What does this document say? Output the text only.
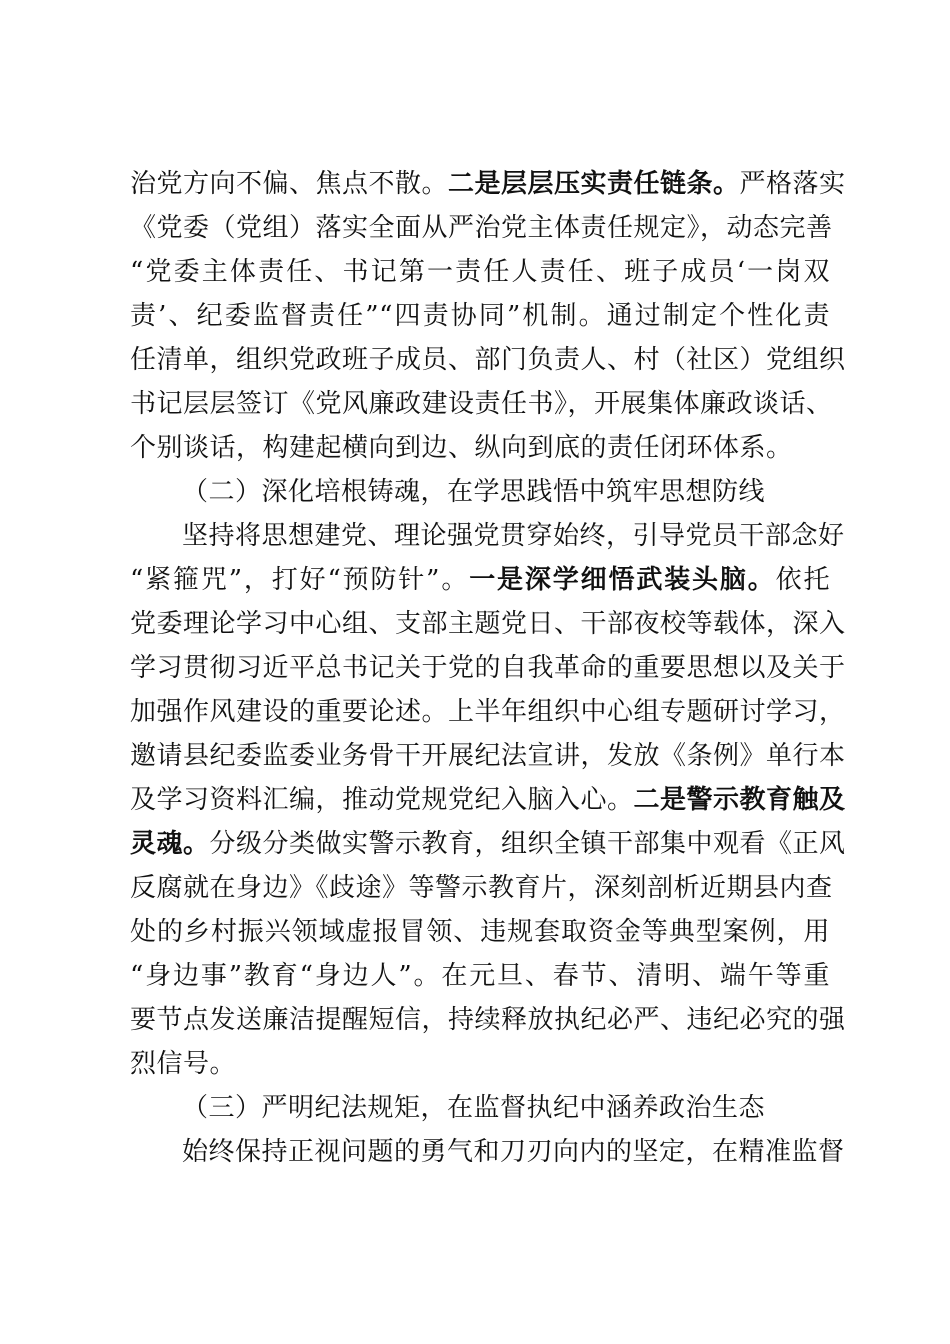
治党方向不偏、焦点不散。二是层层压实责任链条。严格落实
《党委（党组）落实全面从严治党主体责任规定》，动态完善
“党委主体责任、书记第一责任人责任、班子成员‘一岗双
责’、纪委监督责任”“四责协同”机制。通过制定个性化责
任清单，组织党政班子成员、部门负责人、村（社区）党组织
书记层层签订《党风廉政建设责任书》，开展集体廉政谈话、
个别谈话，构建起横向到边、纵向到底的责任闭环体系。
（二）深化培根铸魂，在学思践悟中筑牢思想防线
坚持将思想建党、理论强党贯穿始终，引导党员干部念好
“紧箍咒”，打好“预防针”。一是深学细悟武装头脑。依托
党委理论学习中心组、支部主题党日、干部夜校等载体，深入
学习贯彻习近平总书记关于党的自我革命的重要思想以及关于
加强作风建设的重要论述。上半年组织中心组专题研讨学习，
邀请县纪委监委业务骨干开展纪法宣讲，发放《条例》单行本
及学习资料汇编，推动党规党纪入脑入心。二是警示教育触及
灵魂。分级分类做实警示教育，组织全镇干部集中观看《正风
反腐就在身边》《歧途》等警示教育片，深刻剖析近期县内查
处的乡村振兴领域虚报冒领、违规套取资金等典型案例，用
“身边事”教育“身边人”。在元旦、春节、清明、端午等重
要节点发送廉洁提醒短信，持续释放执纪必严、违纪必究的强
烈信号。
（三）严明纪法规矩，在监督执纪中涵养政治生态
始终保持正视问题的勇气和刀刃向内的坚定，在精准监督
